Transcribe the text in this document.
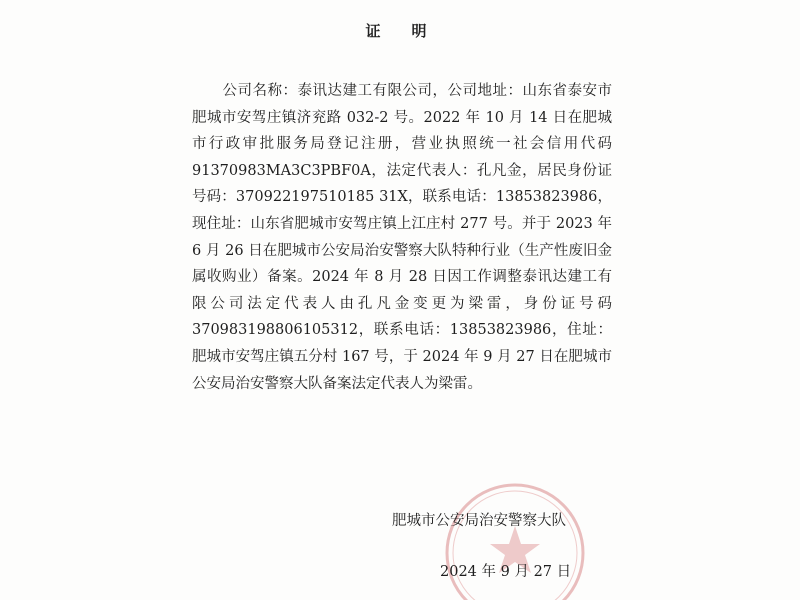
证　明
公司名称：泰讯达建工有限公司，公司地址：山东省泰安市肥城市安驾庄镇济兖路 032-2 号。2022 年 10 月 14 日在肥城市行政审批服务局登记注册，营业执照统一社会信用代码 91370983MA3C3PBF0A，法定代表人：孔凡金，居民身份证号码：370922197510185 31X，联系电话：13853823986，现住址：山东省肥城市安驾庄镇上江庄村 277 号。并于 2023 年 6 月 26 日在肥城市公安局治安警察大队特种行业（生产性废旧金属收购业）备案。2024 年 8 月 28 日因工作调整泰讯达建工有限公司法定代表人由孔凡金变更为梁雷，身份证号码 370983198806105312，联系电话：13853823986，住址：肥城市安驾庄镇五分村 167 号，于 2024 年 9 月 27 日在肥城市公安局治安警察大队备案法定代表人为梁雷。
肥城市公安局治安警察大队
2024 年 9 月 27 日
